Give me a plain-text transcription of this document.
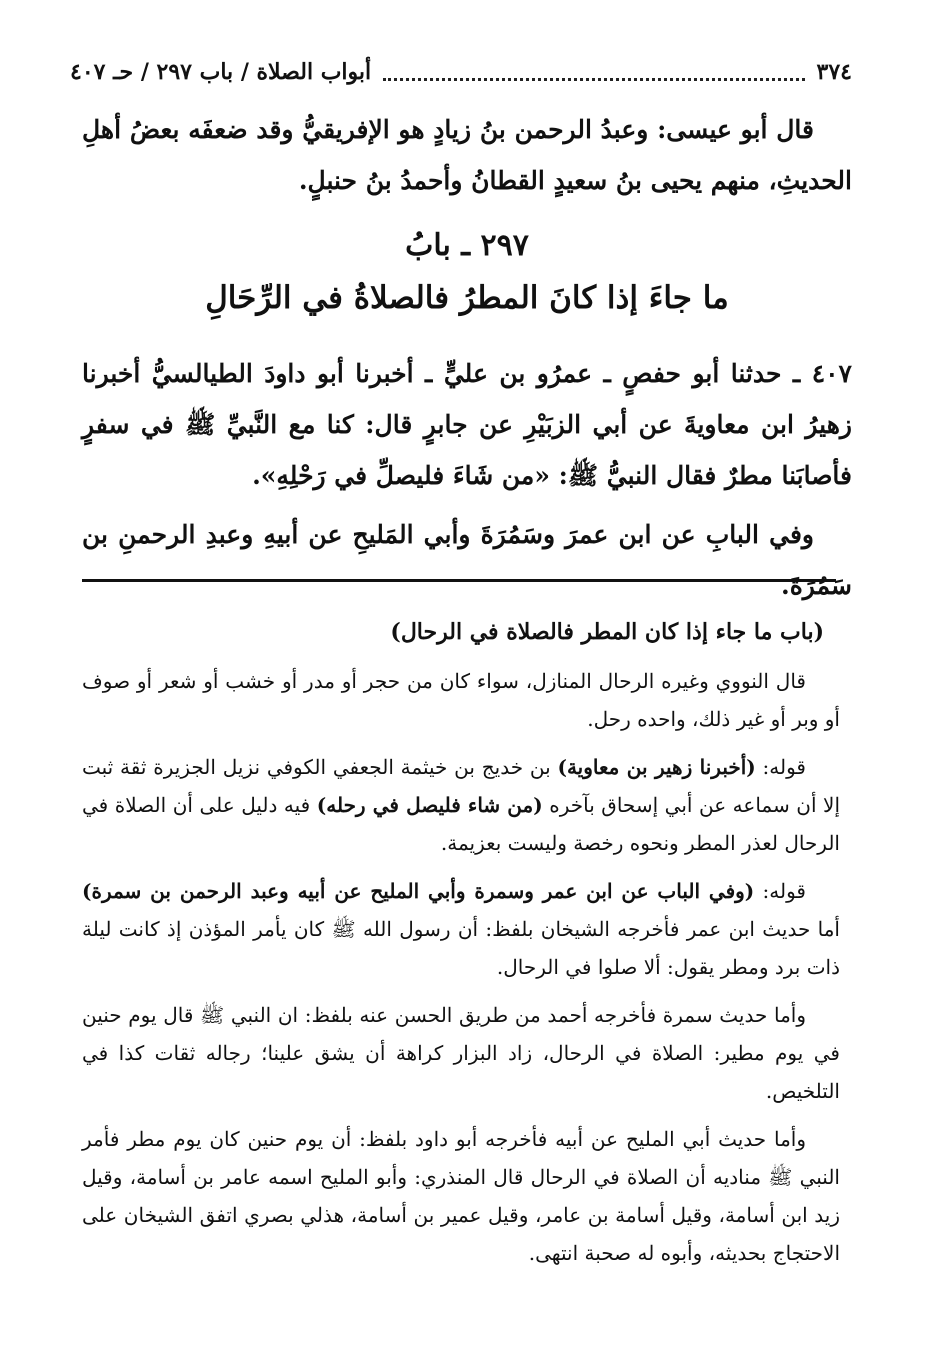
٣٧٤
أبواب الصلاة / باب ٢٩٧ / حـ ٤٠٧

قال أبو عيسى: وعبدُ الرحمن بنُ زيادٍ هو الإفريقيُّ وقد ضعفَه بعضُ أهلِ الحديثِ، منهم يحيى بنُ سعيدٍ القطانُ وأحمدُ بنُ حنبلٍ.

٢٩٧ ـ بابُ
ما جاءَ إذا كانَ المطرُ فالصلاةُ في الرِّحَالِ

٤٠٧ ـ حدثنا أبو حفصٍ ـ عمرُو بن عليٍّ ـ أخبرنا أبو داودَ الطيالسيُّ أخبرنا زهيرُ ابن معاويةَ عن أبي الزبَيْرِ عن جابرٍ قال: كنا مع النَّبيِّ ﷺ في سفرٍ فأصابَنا مطرٌ فقال النبيُّ ﷺ: «من شَاءَ فليصلِّ في رَحْلِهِ».

وفي البابِ عن ابن عمرَ وسَمُرَةَ وأبي المَليحِ عن أبيهِ وعبدِ الرحمنِ بن سَمُرَةَ.

(باب ما جاء إذا كان المطر فالصلاة في الرحال)

قال النووي وغيره الرحال المنازل، سواء كان من حجر أو مدر أو خشب أو شعر أو صوف أو وبر أو غير ذلك، واحده رحل.

قوله: (أخبرنا زهير بن معاوية) بن خديج بن خيثمة الجعفي الكوفي نزيل الجزيرة ثقة ثبت إلا أن سماعه عن أبي إسحاق بآخره (من شاء فليصل في رحله) فيه دليل على أن الصلاة في الرحال لعذر المطر ونحوه رخصة وليست بعزيمة.

قوله: (وفي الباب عن ابن عمر وسمرة وأبي المليح عن أبيه وعبد الرحمن بن سمرة) أما حديث ابن عمر فأخرجه الشيخان بلفظ: أن رسول الله ﷺ كان يأمر المؤذن إذ كانت ليلة ذات برد ومطر يقول: ألا صلوا في الرحال.

وأما حديث سمرة فأخرجه أحمد من طريق الحسن عنه بلفظ: ان النبي ﷺ قال يوم حنين في يوم مطير: الصلاة في الرحال، زاد البزار كراهة أن يشق علينا؛ رجاله ثقات كذا في التلخيص.

وأما حديث أبي المليح عن أبيه فأخرجه أبو داود بلفظ: أن يوم حنين كان يوم مطر فأمر النبي ﷺ مناديه أن الصلاة في الرحال قال المنذري: وأبو المليح اسمه عامر بن أسامة، وقيل زيد ابن أسامة، وقيل أسامة بن عامر، وقيل عمير بن أسامة، هذلي بصري اتفق الشيخان على الاحتجاج بحديثه، وأبوه له صحبة انتهى.
